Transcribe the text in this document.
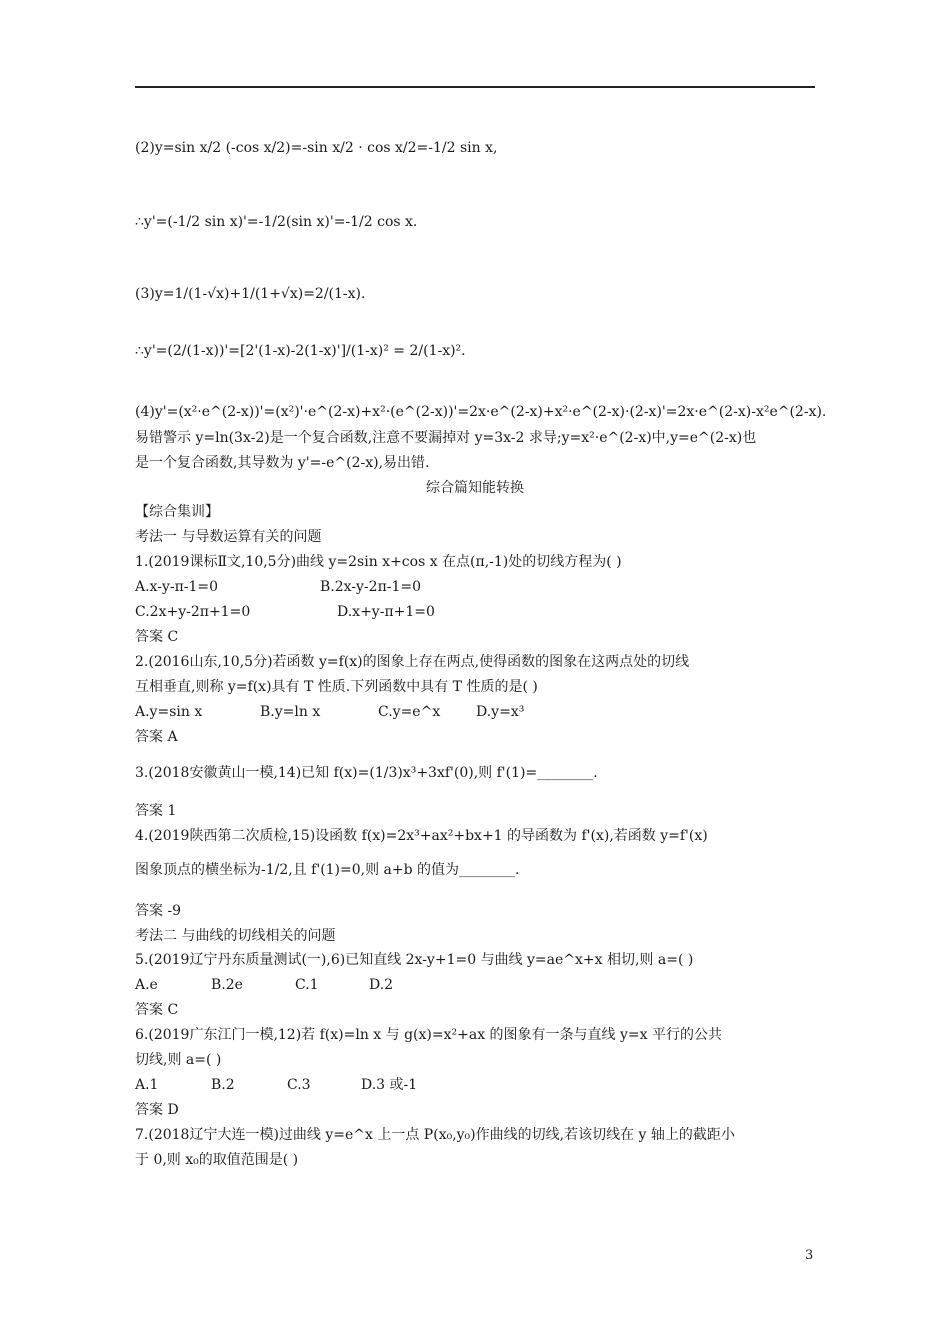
(2)y=sin x/2 (-cos x/2)=-sin x/2 · cos x/2=-1/2 sin x,
∴y'=(-1/2 sin x)'=-1/2(sin x)'=-1/2 cos x.
(3)y=1/(1-√x)+1/(1+√x)=2/(1-x).
∴y'=(2/(1-x))'=[2'(1-x)-2(1-x)']/(1-x)² = 2/(1-x)².
(4)y'=(x²·e^(2-x))'=(x²)'·e^(2-x)+x²·(e^(2-x))'=2x·e^(2-x)+x²·e^(2-x)·(2-x)'=2x·e^(2-x)-x²e^(2-x).
易错警示 y=ln(3x-2)是一个复合函数,注意不要漏掉对 y=3x-2 求导;y=x²·e^(2-x)中,y=e^(2-x)也
是一个复合函数,其导数为 y'=-e^(2-x),易出错.
综合篇知能转换
【综合集训】
考法一 与导数运算有关的问题
1.(2019课标Ⅱ文,10,5分)曲线 y=2sin x+cos x 在点(π,-1)处的切线方程为( )
A.x-y-π-1=0	B.2x-y-2π-1=0
C.2x+y-2π+1=0	D.x+y-π+1=0
答案 C
2.(2016山东,10,5分)若函数 y=f(x)的图象上存在两点,使得函数的图象在这两点处的切线
互相垂直,则称 y=f(x)具有 T 性质.下列函数中具有 T 性质的是( )
A.y=sin x	B.y=ln x	C.y=e^x	D.y=x³
答案 A
3.(2018安徽黄山一模,14)已知 f(x)=(1/3)x³+3xf'(0),则 f'(1)=________.
答案 1
4.(2019陕西第二次质检,15)设函数 f(x)=2x³+ax²+bx+1 的导函数为 f'(x),若函数 y=f'(x)
图象顶点的横坐标为-1/2,且 f'(1)=0,则 a+b 的值为________.
答案 -9
考法二 与曲线的切线相关的问题
5.(2019辽宁丹东质量测试(一),6)已知直线 2x-y+1=0 与曲线 y=ae^x+x 相切,则 a=( )
A.e	B.2e	C.1	D.2
答案 C
6.(2019广东江门一模,12)若 f(x)=ln x 与 g(x)=x²+ax 的图象有一条与直线 y=x 平行的公共
切线,则 a=( )
A.1	B.2	C.3	D.3 或-1
答案 D
7.(2018辽宁大连一模)过曲线 y=e^x 上一点 P(x₀,y₀)作曲线的切线,若该切线在 y 轴上的截距小
于 0,则 x₀的取值范围是( )
3
